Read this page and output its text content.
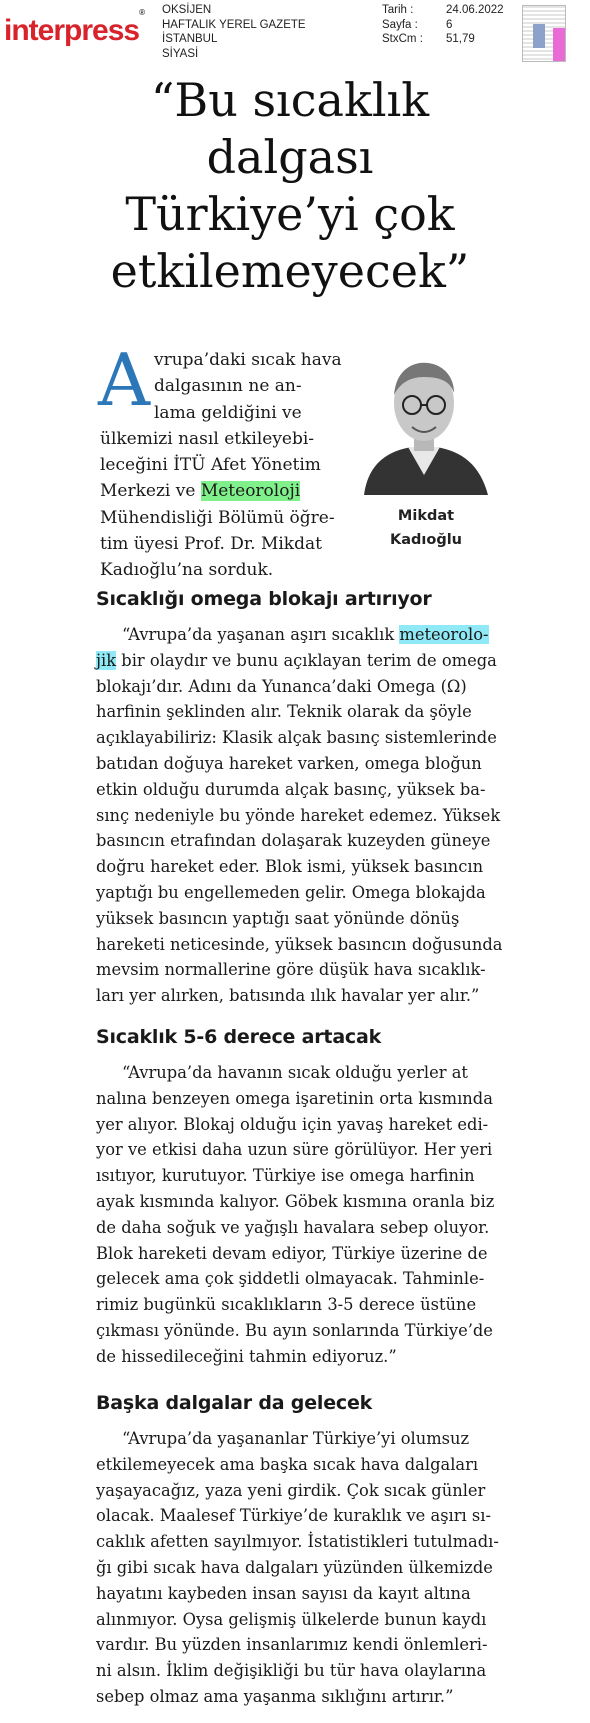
interpress® OKSİJEN
HAFTALIK YEREL GAZETE
İSTANBUL
SİYASİ
Tarih :	24.06.2022
Sayfa : 6
StxCm : 51,79
“Bu sıcaklık
dalgası
Türkiye’yi çok
etkilemeyecek”
A vrupa’daki sıcak hava
dalgasının ne an-
lama geldiğini ve
ülkemizi nasıl etkileyebi-
leceğini İTÜ Afet Yönetim
Merkezi ve Meteoroloji
Mühendisliği Bölümü öğre-
tim üyesi Prof. Dr. Mikdat
Kadıoğlu’na sorduk.
Mikdat
Kadıoğlu
Sıcaklığı omega blokajı artırıyor
“Avrupa’da yaşanan aşırı sıcaklık meteorolo-
jik bir olaydır ve bunu açıklayan terim de omega
blokajı’dır. Adını da Yunanca’daki Omega (Ω)
harfinin şeklinden alır. Teknik olarak da şöyle
açıklayabiliriz: Klasik alçak basınç sistemlerinde
batıdan doğuya hareket varken, omega bloğun
etkin olduğu durumda alçak basınç, yüksek ba-
sınç nedeniyle bu yönde hareket edemez. Yüksek
basıncın etrafından dolaşarak kuzeyden güneye
doğru hareket eder. Blok ismi, yüksek basıncın
yaptığı bu engellemeden gelir. Omega blokajda
yüksek basıncın yaptığı saat yönünde dönüş
hareketi neticesinde, yüksek basıncın doğusunda
mevsim normallerine göre düşük hava sıcaklık-
ları yer alırken, batısında ılık havalar yer alır.”
Sıcaklık 5-6 derece artacak
“Avrupa’da havanın sıcak olduğu yerler at
nalına benzeyen omega işaretinin orta kısmında
yer alıyor. Blokaj olduğu için yavaş hareket edi-
yor ve etkisi daha uzun süre görülüyor. Her yeri
ısıtıyor, kurutuyor. Türkiye ise omega harfinin
ayak kısmında kalıyor. Göbek kısmına oranla biz
de daha soğuk ve yağışlı havalara sebep oluyor.
Blok hareketi devam ediyor, Türkiye üzerine de
gelecek ama çok şiddetli olmayacak. Tahminle-
rimiz bugünkü sıcaklıkların 3-5 derece üstüne
çıkması yönünde. Bu ayın sonlarında Türkiye’de
de hissedileceğini tahmin ediyoruz.”
Başka dalgalar da gelecek
“Avrupa’da yaşananlar Türkiye’yi olumsuz
etkilemeyecek ama başka sıcak hava dalgaları
yaşayacağız, yaza yeni girdik. Çok sıcak günler
olacak. Maalesef Türkiye’de kuraklık ve aşırı sı-
caklık afetten sayılmıyor. İstatistikleri tutulmadı-
ğı gibi sıcak hava dalgaları yüzünden ülkemizde
hayatını kaybeden insan sayısı da kayıt altına
alınmıyor. Oysa gelişmiş ülkelerde bunun kaydı
vardır. Bu yüzden insanlarımız kendi önlemleri-
ni alsın. İklim değişikliği bu tür hava olaylarına
sebep olmaz ama yaşanma sıklığını artırır.”
